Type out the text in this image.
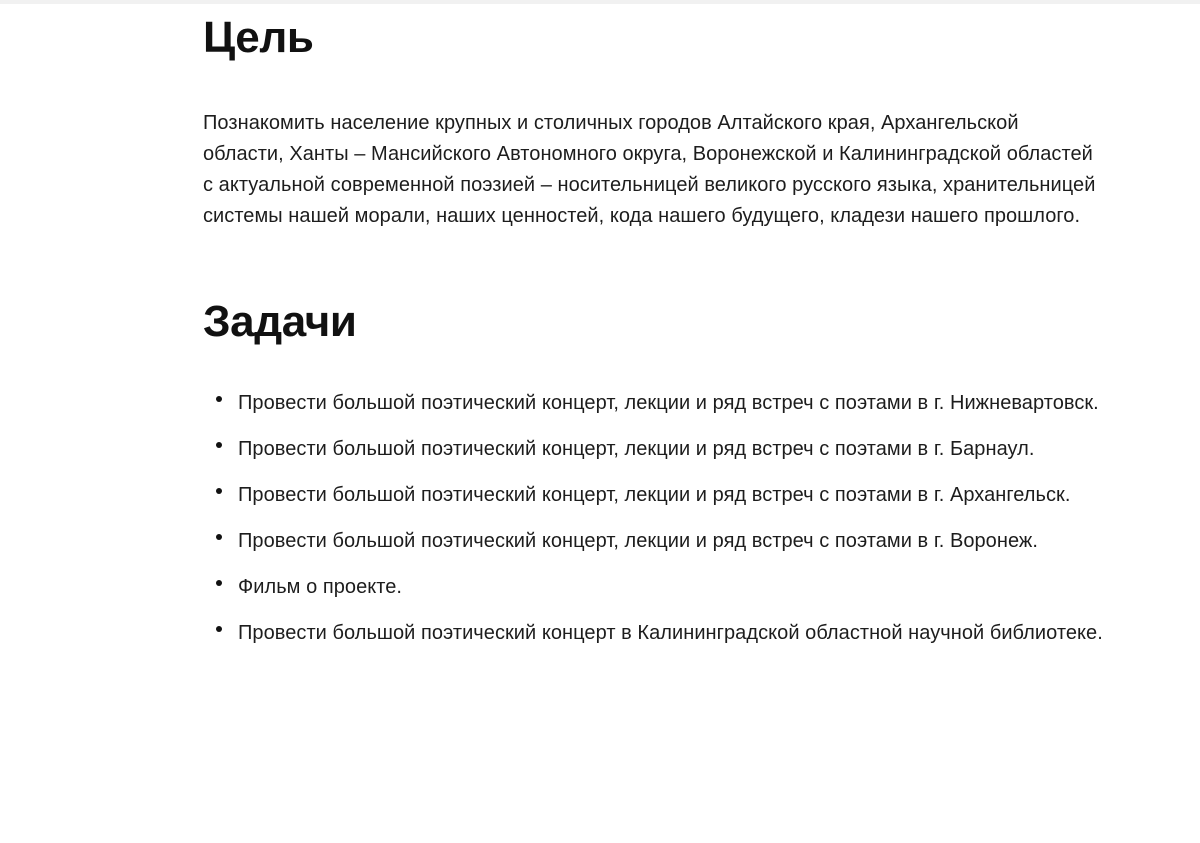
Цель

Познакомить население крупных и столичных городов Алтайского края, Архангельской области, Ханты – Мансийского Автономного округа, Воронежской и Калининградской областей с актуальной современной поэзией – носительницей великого русского языка, хранительницей системы нашей морали, наших ценностей, кода нашего будущего, кладези нашего прошлого.

Задачи
Провести большой поэтический концерт, лекции и ряд встреч с поэтами в г. Нижневартовск.
Провести большой поэтический концерт, лекции и ряд встреч с поэтами в г. Барнаул.
Провести большой поэтический концерт, лекции и ряд встреч с поэтами в г. Архангельск.
Провести большой поэтический концерт, лекции и ряд встреч с поэтами в г. Воронеж.
Фильм о проекте.
Провести большой поэтический концерт в Калининградской областной научной библиотеке.
